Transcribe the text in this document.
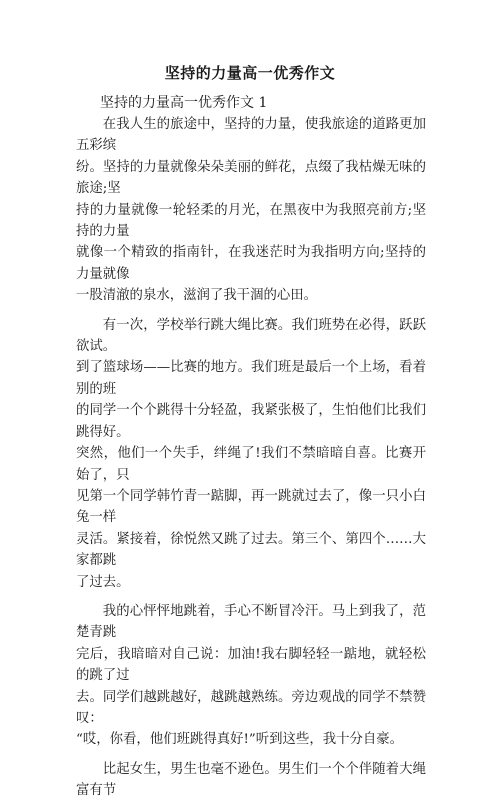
坚持的力量高一优秀作文
坚持的力量高一优秀作文 1

在我人生的旅途中，坚持的力量，使我旅途的道路更加五彩缤
纷。坚持的力量就像朵朵美丽的鲜花，点缀了我枯燥无味的旅途;坚
持的力量就像一轮轻柔的月光，在黑夜中为我照亮前方;坚持的力量
就像一个精致的指南针，在我迷茫时为我指明方向;坚持的力量就像
一股清澈的泉水，滋润了我干涸的心田。

有一次，学校举行跳大绳比赛。我们班势在必得，跃跃欲试。
到了篮球场——比赛的地方。我们班是最后一个上场，看着别的班
的同学一个个跳得十分轻盈，我紧张极了，生怕他们比我们跳得好。
突然，他们一个失手，绊绳了!我们不禁暗暗自喜。比赛开始了，只
见第一个同学韩竹青一踮脚，再一跳就过去了，像一只小白兔一样
灵活。紧接着，徐悦然又跳了过去。第三个、第四个……大家都跳
了过去。

我的心怦怦地跳着，手心不断冒冷汗。马上到我了，范楚青跳
完后，我暗暗对自己说：加油!我右脚轻轻一踮地，就轻松的跳了过
去。同学们越跳越好，越跳越熟练。旁边观战的同学不禁赞叹：
“哎，你看，他们班跳得真好!”听到这些，我十分自豪。

比起女生，男生也毫不逊色。男生们一个个伴随着大绳富有节
